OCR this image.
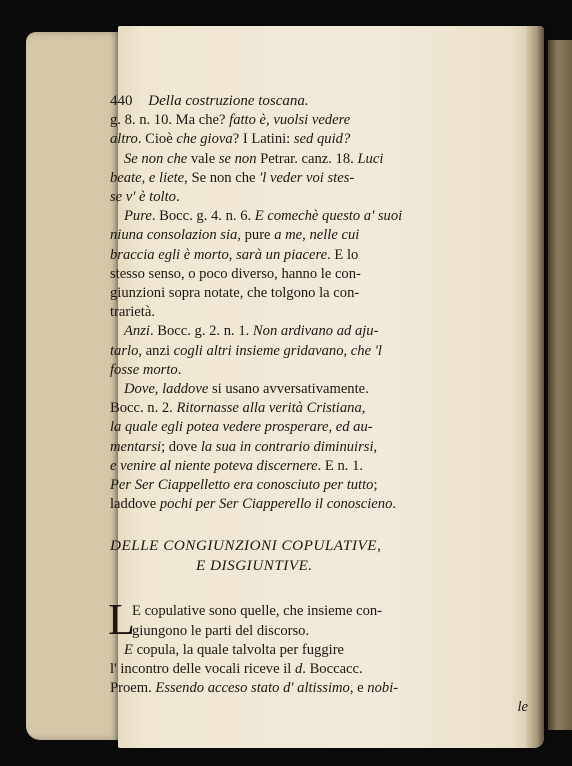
440 Della costruzione toscana.
g. 8. n. 10. Ma che? fatto è, vuolsi vedere
altro. Cioè che giova? I Latini: sed quid?
Se non che vale se non Petrar. canz. 18. Luci
beate, e liete, Se non che 'l veder voi stes-
se v' è tolto.
Pure. Bocc. g. 4. n. 6. E comechè questo a' suoi
niuna consolazion sia, pure a me, nelle cui
braccia egli è morto, sarà un piacere. E lo
stesso senso, o poco diverso, hanno le con-
giunzioni sopra notate, che tolgono la con-
trarietà.
Anzi. Bocc. g. 2. n. 1. Non ardivano ad aju-
tarlo, anzi cogli altri insieme gridavano, che 'l
fosse morto.
Dove, laddove si usano avversativamente.
Bocc. n. 2. Ritornasse alla verità Cristiana,
la quale egli potea vedere prosperare, ed au-
mentarsi; dove la sua in contrario diminuirsi,
e venire al niente poteva discernere. E n. 1.
Per Ser Ciappelletto era conosciuto per tutto;
laddove pochi per Ser Ciapperello il conoscieno.
DELLE CONGIUNZIONI COPULATIVE,
E DISGIUNTIVE.
L
E copulative sono quelle, che insieme con-
giungono le parti del discorso.
E copula, la quale talvolta per fuggire
l' incontro delle vocali riceve il d. Boccacc.
Proem. Essendo acceso stato d' altissimo, e nobi-
le
